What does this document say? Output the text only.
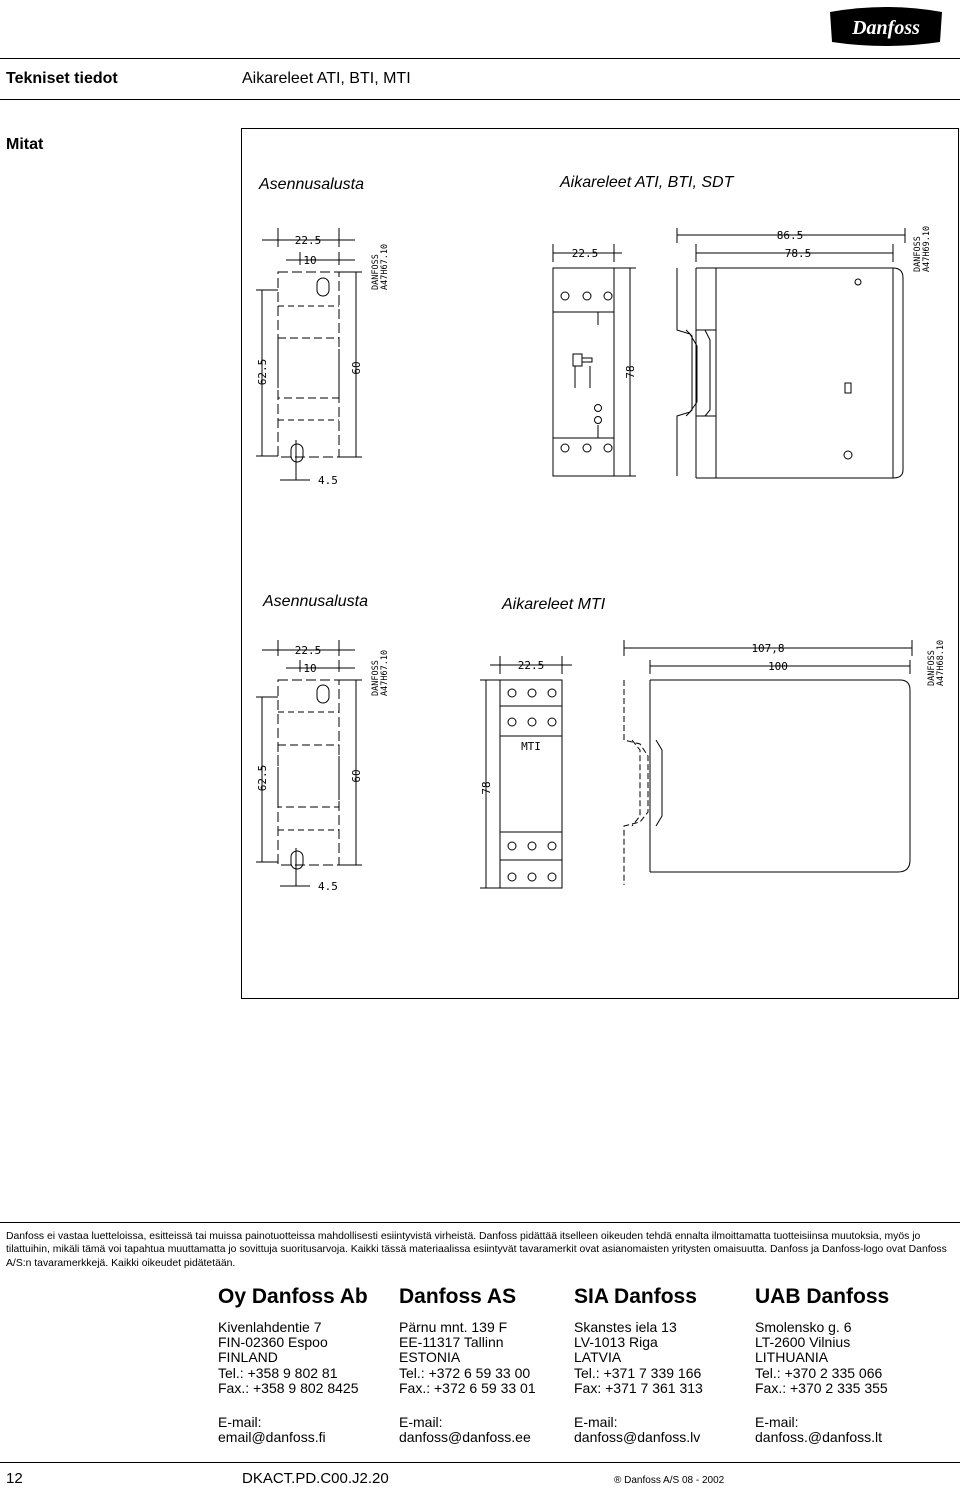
Danfoss
Tekniset tiedot	Aikareleet ATI, BTI, MTI
Mitat
Asennusalusta	Aikareleet ATI, BTI, SDT
Asennusalusta	Aikareleet MTI
22.5
10
62.5	60
4.5
DANFOSS A47H67.10	22.5
78
86.5
78.5	DANFOSS A47H69.10
22.5
10
62.5	60
4.5
DANFOSS A47H67.10	22.5
78
MTI
107,8
100	DANFOSS A47H68.10
Danfoss ei vastaa luetteloissa, esitteissä tai muissa painotuotteissa mahdollisesti esiintyvistä virheistä. Danfoss pidättää itselleen oikeuden tehdä ennalta ilmoittamatta tuotteisiinsa muutoksia, myös jo tilattuihin, mikäli tämä voi tapahtua muuttamatta jo sovittuja suoritusarvoja. Kaikki tässä materiaalissa esiintyvät tavaramerkit ovat asianomaisten yritysten omaisuutta. Danfoss ja Danfoss-logo ovat Danfoss A/S:n tavaramerkkejä. Kaikki oikeudet pidätetään.
Oy Danfoss Ab
Kivenlahdentie 7
FIN-02360 Espoo
FINLAND
Tel.: +358 9 802 81
Fax.: +358 9 802 8425
E-mail:
email@danfoss.fi
Danfoss AS
Pärnu mnt. 139 F
EE-11317 Tallinn
ESTONIA
Tel.: +372 6 59 33 00
Fax.: +372 6 59 33 01
E-mail:
danfoss@danfoss.ee
SIA Danfoss
Skanstes iela 13
LV-1013 Riga
LATVIA
Tel.: +371 7 339 166
Fax: +371 7 361 313
E-mail:
danfoss@danfoss.lv
UAB Danfoss
Smolensko g. 6
LT-2600 Vilnius
LITHUANIA
Tel.: +370 2 335 066
Fax.: +370 2 335 355
E-mail:
danfoss.@danfoss.lt
12	DKACT.PD.C00.J2.20	® Danfoss A/S 08 - 2002
